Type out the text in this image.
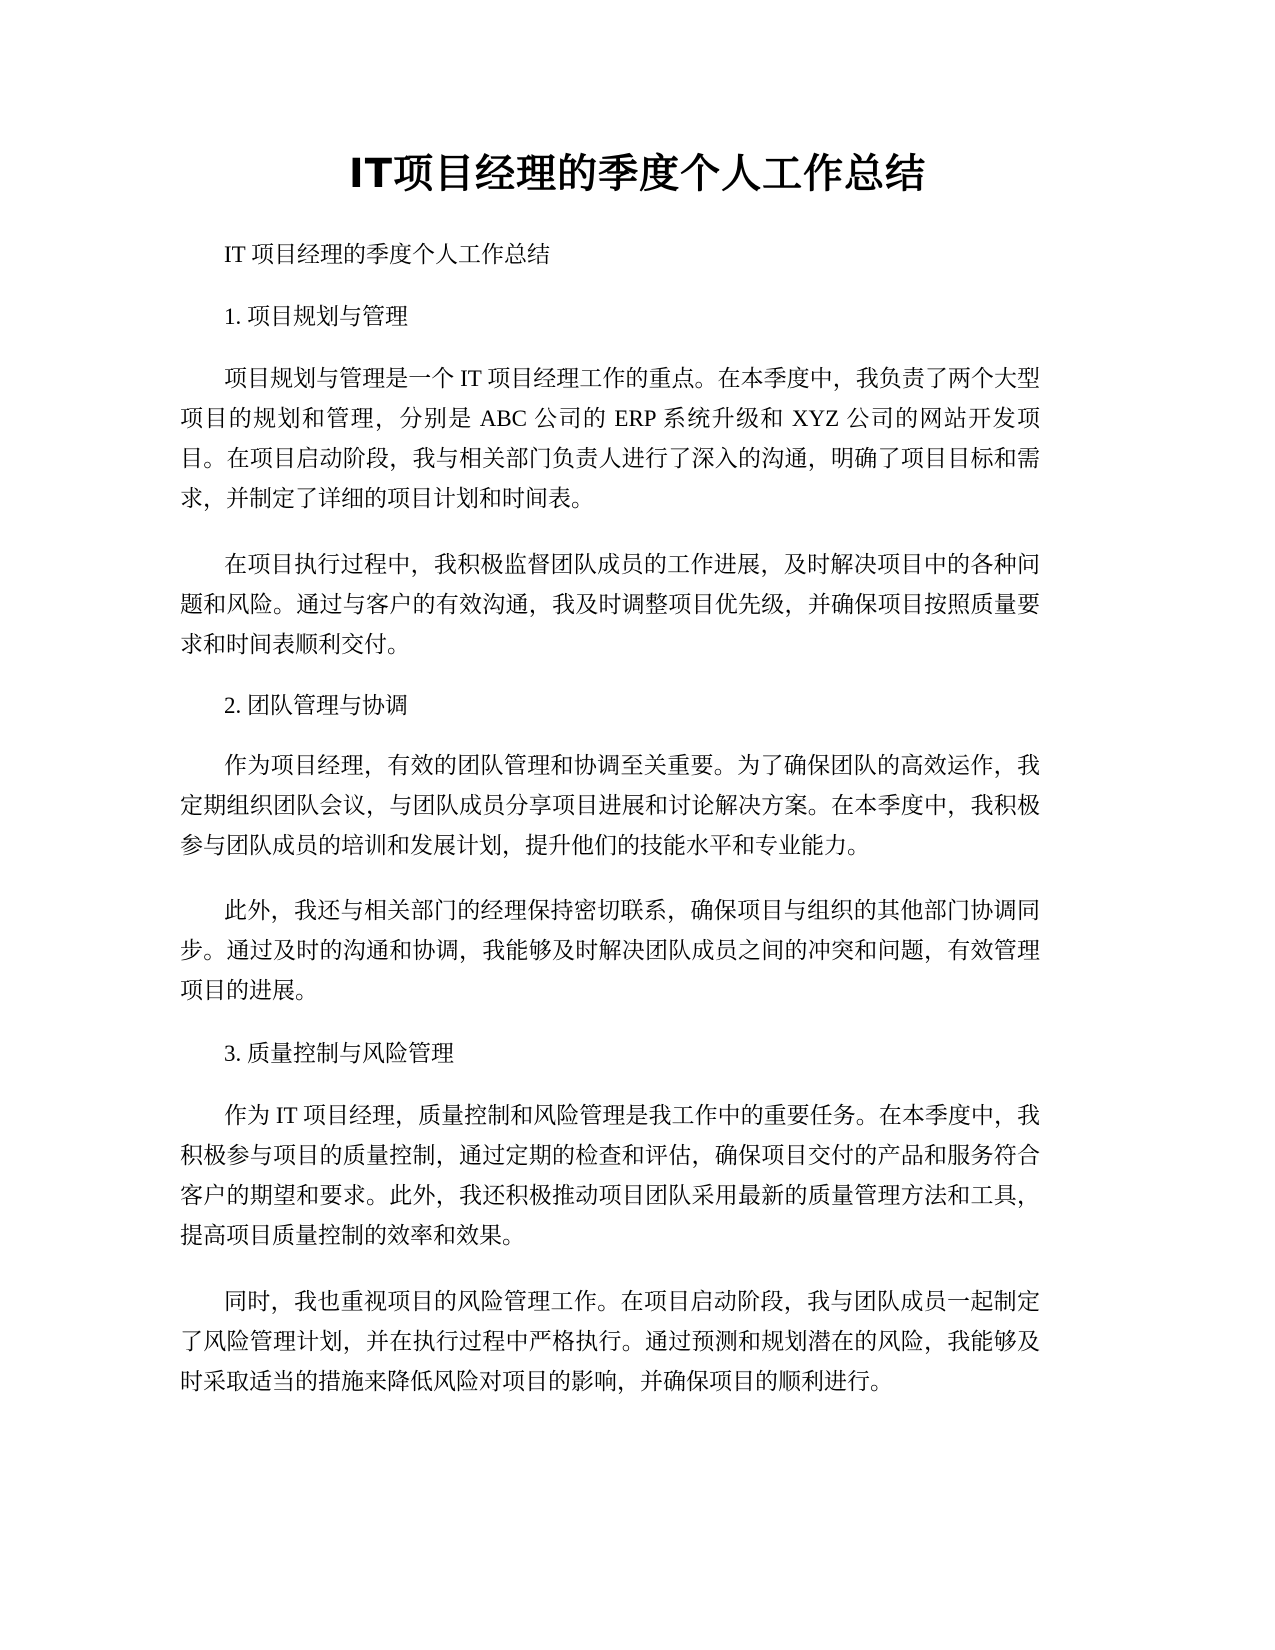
IT项目经理的季度个人工作总结

IT 项目经理的季度个人工作总结

1. 项目规划与管理

项目规划与管理是一个 IT 项目经理工作的重点。在本季度中，我负责了两个大型项目的规划和管理，分别是 ABC 公司的 ERP 系统升级和 XYZ 公司的网站开发项目。在项目启动阶段，我与相关部门负责人进行了深入的沟通，明确了项目目标和需求，并制定了详细的项目计划和时间表。

在项目执行过程中，我积极监督团队成员的工作进展，及时解决项目中的各种问题和风险。通过与客户的有效沟通，我及时调整项目优先级，并确保项目按照质量要求和时间表顺利交付。

2. 团队管理与协调

作为项目经理，有效的团队管理和协调至关重要。为了确保团队的高效运作，我定期组织团队会议，与团队成员分享项目进展和讨论解决方案。在本季度中，我积极参与团队成员的培训和发展计划，提升他们的技能水平和专业能力。

此外，我还与相关部门的经理保持密切联系，确保项目与组织的其他部门协调同步。通过及时的沟通和协调，我能够及时解决团队成员之间的冲突和问题，有效管理项目的进展。

3. 质量控制与风险管理

作为 IT 项目经理，质量控制和风险管理是我工作中的重要任务。在本季度中，我积极参与项目的质量控制，通过定期的检查和评估，确保项目交付的产品和服务符合客户的期望和要求。此外，我还积极推动项目团队采用最新的质量管理方法和工具，提高项目质量控制的效率和效果。

同时，我也重视项目的风险管理工作。在项目启动阶段，我与团队成员一起制定了风险管理计划，并在执行过程中严格执行。通过预测和规划潜在的风险，我能够及时采取适当的措施来降低风险对项目的影响，并确保项目的顺利进行。
